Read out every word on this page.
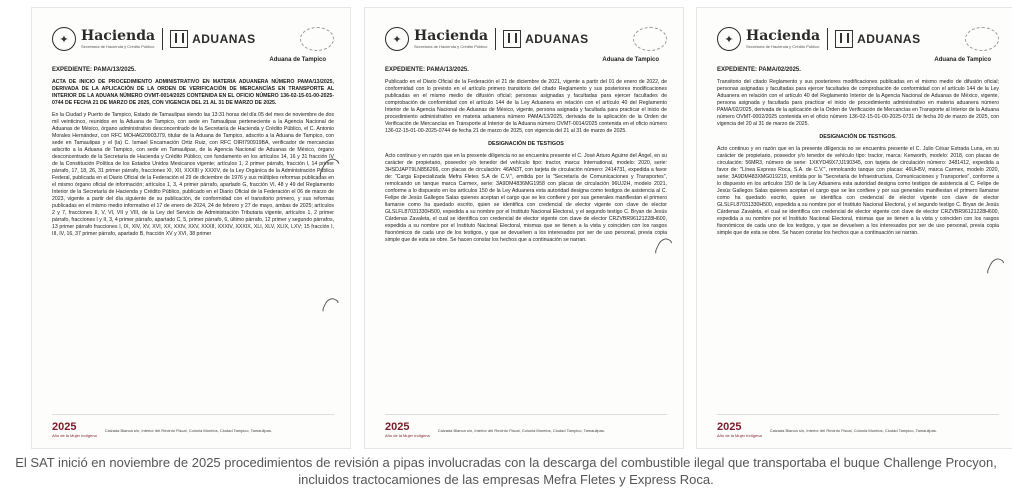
✦ Hacienda
Secretaría de Hacienda y Crédito Público
ADUANAS
Aduana de Tampico
EXPEDIENTE: PAMA/13/2025.

ACTA DE INICIO DE PROCEDIMIENTO ADMINISTRATIVO EN MATERIA ADUANERA NÚMERO PAMA/13/2025, DERIVADA DE LA APLICACIÓN DE LA ORDEN DE VERIFICACIÓN DE MERCANCÍAS EN TRANSPORTE AL INTERIOR DE LA ADUANA NÚMERO OVMT-0014/2025 CONTENIDA EN EL OFICIO NÚMERO 136-02-15-01-00-2025-0744 DE FECHA 21 DE MARZO DE 2025, CON VIGENCIA DEL 21 AL 31 DE MARZO DE 2025.

En la Ciudad y Puerto de Tampico, Estado de Tamaulipas siendo las 13:31 horas del día 05 del mes de noviembre de dos mil veinticinco, reunidos en la Aduana de Tampico, con sede en Tamaulipas perteneciente a la Agencia Nacional de Aduanas de México, órgano administrativo desconcentrado de la Secretaría de Hacienda y Crédito Público, el C. Antonio Morales Hernández, con RFC MOHA620903J79, titular de la Aduana de Tampico, adscrito a la Aduana de Tampico, con sede en Tamaulipas y el (la) C. Ismael Encarnación Ortiz Ruiz, con RFC OIRI790919BA, verificador de mercancías adscrito a la Aduana de Tampico, con sede en Tamaulipas, de la Agencia Nacional de Aduanas de México, órgano desconcentrado de la Secretaría de Hacienda y Crédito Público, con fundamento en los artículos 14, 16 y 31 fracción IV de la Constitución Política de los Estados Unidos Mexicanos vigente; artículos 1, 2 primer párrafo, fracción I, 14 primer párrafo, 17, 18, 26, 31 primer párrafo, fracciones XI, XII, XXXIII y XXXIV, de la Ley Orgánica de la Administración Pública Federal, publicada en el Diario Oficial de la Federación el 29 de diciembre de 1976 y sus múltiples reformas publicadas en el mismo órgano oficial de información; artículos 1, 3, 4 primer párrafo, apartado G, fracción VI, 48 y 49 del Reglamento Interior de la Secretaría de Hacienda y Crédito Público, publicado en el Diario Oficial de la Federación el 06 de marzo de 2023, vigente a partir del día siguiente de su publicación, de conformidad con el transitorio primero, y sus reformas publicadas en el mismo medio informativo el 17 de enero de 2024, 24 de febrero y 27 de mayo, ambas de 2025; artículos 2 y 7, fracciones II, V, VI, VII y VIII, de la Ley del Servicio de Administración Tributaria vigente, artículos 1, 2 primer párrafo, fracciones I y II, 3, 4 primer párrafo, apartado C, 5, primer párrafo, 6, último párrafo, 12 primer y segundo párrafos, 13 primer párrafo fracciones I, IX, XIV, XV, XVI, XX, XXIV, XXV, XXXII, XXXIV, XXXIX, XLI, XLV, XLIX, LXV; 15 fracción I, III, IV, 16, 37 primer párrafo, apartado B, fracción XV y XVI, 38 primer

2025
Año de la Mujer Indígena
Calzada Blanca s/n, Interior del Recinto Fiscal, Colonia Morelos, Ciudad Tampico, Tamaulipas.
✦ Hacienda
Secretaría de Hacienda y Crédito Público
ADUANAS
Aduana de Tampico
EXPEDIENTE: PAMA/13/2025.

Publicado en el Diario Oficial de la Federación el 21 de diciembre de 2021, vigente a partir del 01 de enero de 2022, de conformidad con lo previsto en el artículo primero transitorio del citado Reglamento y sus posteriores modificaciones publicadas en el mismo medio de difusión oficial; personas asignadas y facultadas para ejercer facultades de comprobación de conformidad con el artículo 144 de la Ley Aduanera en relación con el artículo 40 del Reglamento Interior de la Agencia Nacional de Aduanas de México, vigente, persona asignada y facultada para practicar el inicio de procedimiento administrativo en materia aduanera número PAMA/13/2025, derivada de la aplicación de la Orden de Verificación de Mercancías en Transporte al Interior de la Aduana número OVMT-0014/2025 contenida en el oficio número 136-02-15-01-00-2025-0744 de fecha 21 de marzo de 2025, con vigencia del 21 al 31 de marzo de 2025.

DESIGNACIÓN DE TESTIGOS

Acto continuo y en razón que en la presente diligencia no se encuentra presente el C. José Arturo Aguirre del Ángel, en su carácter de propietario, poseedor y/o tenedor del vehículo tipo: tractor, marca: International, modelo: 2020, serie: 3HSDJAPT9LN856266, con placas de circulación: 46AN3T, con tarjeta de circulación número: 2414731, expedida a favor de: "Carga Especializada Mefra Fletes S.A de C.V.", emitida por la "Secretaría de Comunicaciones y Transportes", remolcando un tanque marca Carmex, serie: 3A9DM4836MG1958 con placas de circulación 96UJ2H, modelo 2021, conforme a lo dispuesto en los artículos 150 de la Ley Aduanera esta autoridad designa como testigos de asistencia al C. Felipe de Jesús Gallegos Salas quienes aceptan el cargo que se les confiere y por sus generales manifiestan el primero llamarse como ha quedado escrito, quien se identifica con credencial de elector vigente con clave de elector GLSLFL87031330H500, expedida a su nombre por el Instituto Nacional Electoral, y el segundo testigo C. Bryan de Jesús Cárdenas Zavaleta, el cual se identifica con credencial de elector vigente con clave de elector CRZVBR96121228H600, expedida a su nombre por el Instituto Nacional Electoral, mismas que se tienen a la vista y coinciden con los rasgos fisonómicos de cada uno de los testigos, y que se devuelven a los interesados por ser de uso personal, previa copia simple que de esta se obre. Se hacen constar los hechos que a continuación se narran.

2025
Año de la Mujer Indígena
Calzada Blanca s/n, Interior del Recinto Fiscal, Colonia Morelos, Ciudad Tampico, Tamaulipas.
✦ Hacienda
Secretaría de Hacienda y Crédito Público
ADUANAS
Aduana de Tampico
EXPEDIENTE: PAMA/02/2025.

Transitorio del citado Reglamento y sus posteriores modificaciones publicadas en el mismo medio de difusión oficial; personas asignadas y facultadas para ejercer facultades de comprobación de conformidad con el artículo 144 de la Ley Aduanera en relación con el artículo 40 del Reglamento Interior de la Agencia Nacional de Aduanas de México, vigente, persona asignada y facultada para practicar el inicio de procedimiento administrativo en materia aduanera número PAMA/02/2025, derivada de la aplicación de la Orden de Verificación de Mercancías en Transporte al Interior de la Aduana número OVMT-0002/2025 contenida en el oficio número 136-02-15-01-00-2025-0731 de fecha 20 de marzo de 2025, con vigencia del 20 al 31 de marzo de 2025.

DESIGNACIÓN DE TESTIGOS.

Acto continuo y en razón que en la presente diligencia no se encuentra presente el C. Julio César Estrada Luna, en su carácter de propietario, poseedor y/o tenedor de vehículo tipo: tractor, marca: Kenworth, modelo: 2018, con placas de circulación: 56MR3, número de serie: 1XKYD49X7JJ190345, con tarjeta de circulación número: 3481412, expedida a favor de: "Línea Express Roca, S.A. de C.V.", remolcando tanque con placas: 46UH5V, marca Carmex, modelo 2020, serie: 3A9DM483XMG019219, emitida por la "Secretaría de Infraestructura, Comunicaciones y Transportes", conforme a lo dispuesto en los artículos 150 de la Ley Aduanera esta autoridad designa como testigos de asistencia al C. Felipe de Jesús Gallegos Salas quienes aceptan el cargo que se les confiere y por sus generales manifiestan el primero llamarse como ha quedado escrito, quien se identifica con credencial de elector vigente con clave de elector GLSLFL87031330H500, expedida a su nombre por el Instituto Nacional Electoral, y el segundo testigo C. Bryan de Jesús Cárdenas Zavaleta, el cual se identifica con credencial de elector vigente con clave de elector CRZVBR96121228H600, expedida a su nombre por el Instituto Nacional Electoral, mismas que se tienen a la vista y coinciden con los rasgos fisonómicos de cada uno de los testigos, y que se devuelven a los interesados por ser de uso personal, previa copia simple que de esta se obre. Se hacen constar los hechos que a continuación se narran.

2025
Año de la Mujer Indígena
Calzada Blanca s/n, Interior del Recinto Fiscal, Colonia Morelos, Ciudad Tampico, Tamaulipas.
El SAT inició en noviembre de 2025 procedimientos de revisión a pipas involucradas con la descarga del combustible ilegal que transportaba el buque Challenge Procyon, incluidos tractocamiones de las empresas Mefra Fletes y Express Roca.
